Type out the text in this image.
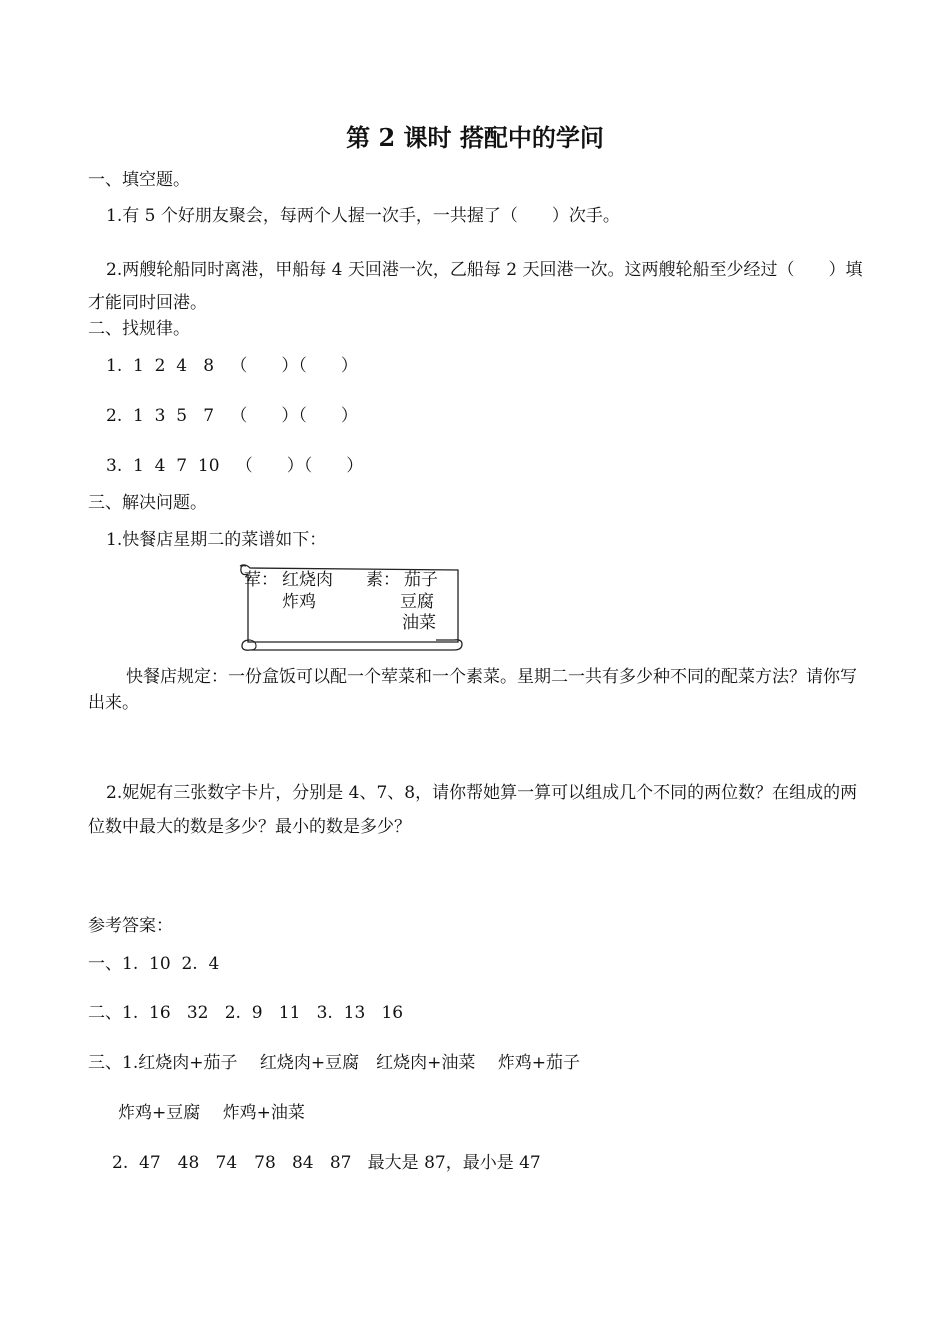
第 2 课时 搭配中的学问
一、填空题。
1.有 5 个好朋友聚会，每两个人握一次手，一共握了（　　）次手。
2.两艘轮船同时离港，甲船每 4 天回港一次，乙船每 2 天回港一次。这两艘轮船至少经过（　　）填才能同时回港。
二、找规律。
1.  1  2  4   8   （　　）（　　）
2.  1  3  5   7   （　　）（　　）
3.  1  4  7  10   （　　）（　　）
三、解决问题。
1.快餐店星期二的菜谱如下：
荤： 红烧肉
炸鸡
素： 茄子
豆腐
油菜
快餐店规定：一份盒饭可以配一个荤菜和一个素菜。星期二一共有多少种不同的配菜方法？请你写出来。
2.妮妮有三张数字卡片，分别是 4、7、8，请你帮她算一算可以组成几个不同的两位数？在组成的两位数中最大的数是多少？最小的数是多少？
参考答案：
一、1.  10  2.  4
二、1.  16   32   2.  9   11   3.  13   16
三、1.红烧肉+茄子　 红烧肉+豆腐　红烧肉+油菜　 炸鸡+茄子
炸鸡+豆腐　 炸鸡+油菜
2.  47　48   74　78   84   87   最大是 87，最小是 47
